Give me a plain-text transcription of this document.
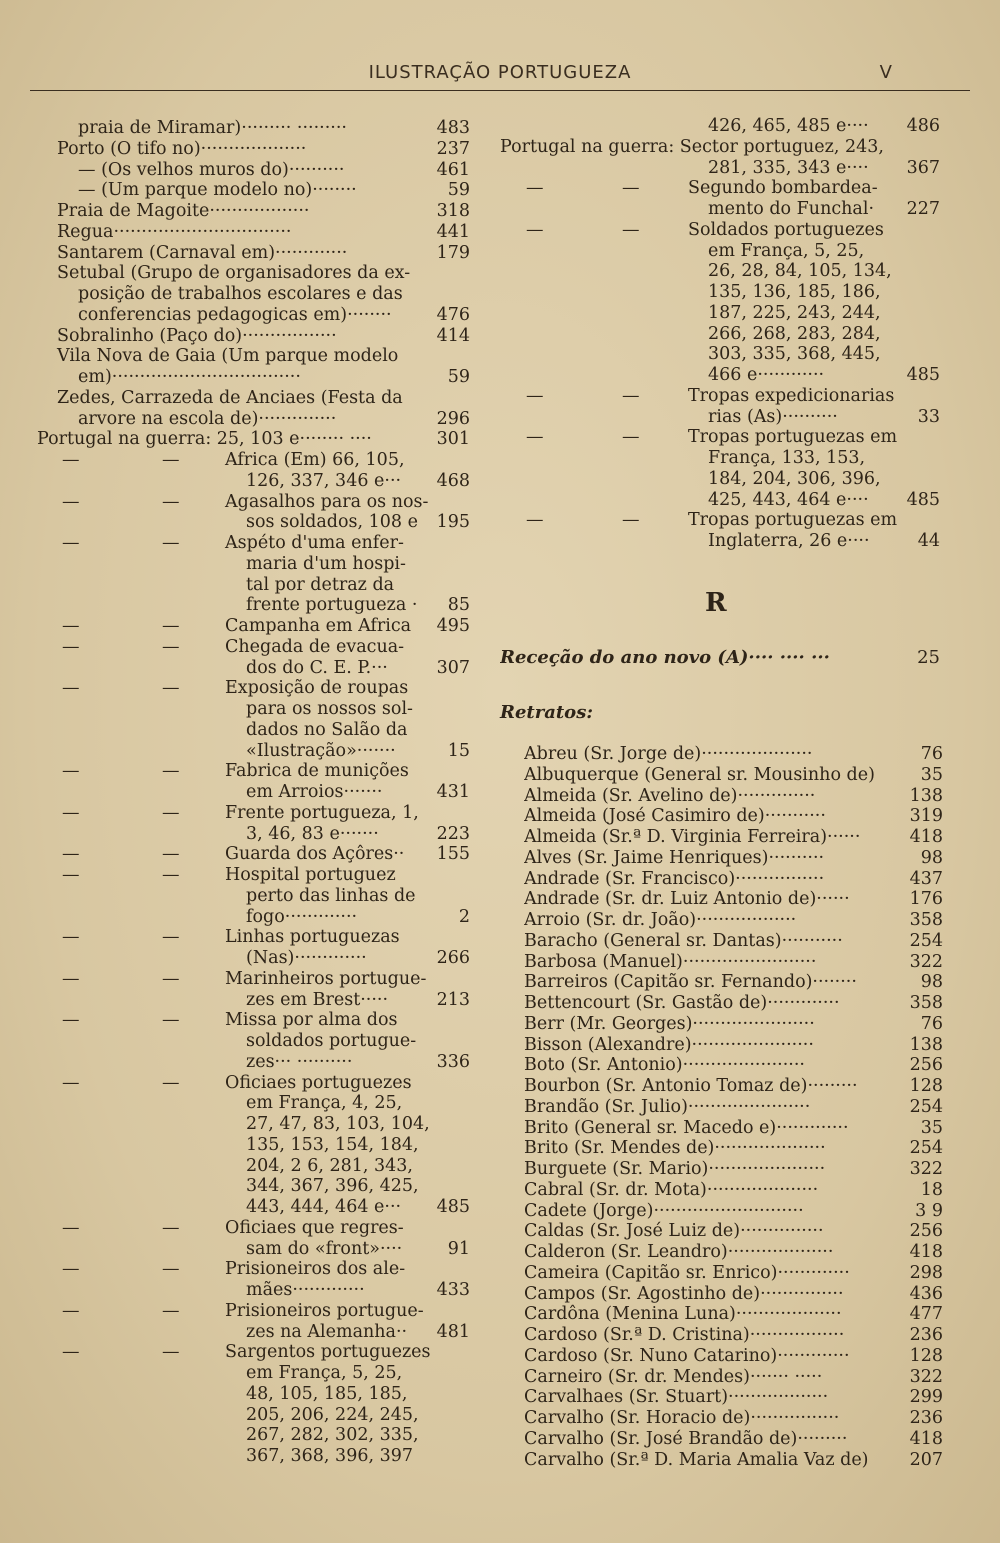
ILUSTRAÇÃO PORTUGUEZA	V
R
Receção do ano novo (A)···· ···· ···	25
Retratos:
praia de Miramar)········· ·········	483
Porto (O tifo no)···················	237
— (Os velhos muros do)··········	461
— (Um parque modelo no)········	59
Praia de Magoite··················	318
Regua································	441
Santarem (Carnaval em)·············	179
Setubal (Grupo de organisadores da ex-
posição de trabalhos escolares e das
conferencias pedagogicas em)········	476
Sobralinho (Paço do)·················	414
Vila Nova de Gaia (Um parque modelo
em)··································	59
Zedes, Carrazeda de Anciaes (Festa da
arvore na escola de)··············	296
Portugal na guerra: 25, 103 e········ ····	301
—	—	Africa (Em) 66, 105,
126, 337, 346 e··· 468
—	—	Agasalhos para os nos-
sos soldados, 108 e 195
—	—	Aspéto d'uma enfer-
maria d'um hospi-
tal por detraz da
frente portugueza · 85
—	—	Campanha em Africa 495
—	—	Chegada de evacua-
dos do C. E. P.···	307
—	—	Exposição de roupas
para os nossos sol-
dados no Salão da
«Ilustração»·······	15
—	—	Fabrica de munições
em Arroios·······	431
—	—	Frente portugueza, 1,
3, 46, 83 e·······	223
—	—	Guarda dos Açôres·· 155
—	—	Hospital portuguez
perto das linhas de
fogo·············	2
—	—	Linhas portuguezas
(Nas)·············	266
—	—	Marinheiros portugue-
zes em Brest·····	213
—	—	Missa por alma dos
soldados portugue-
zes··· ··········	336
—	—	Oficiaes portuguezes
em França, 4, 25,
27, 47, 83, 103, 104,
135, 153, 154, 184,
204, 2 6, 281, 343,
344, 367, 396, 425,
443, 444, 464 e··· 485
—	—	Oficiaes que regres-
sam do «front»····	91
—	—	Prisioneiros dos ale-
mães·············	433
—	—	Prisioneiros portugue-
zes na Alemanha·· 481
—	—	Sargentos portuguezes
em França, 5, 25,
48, 105, 185, 185,
205, 206, 224, 245,
267, 282, 302, 335,
367, 368, 396, 397
426, 465, 485 e···· 486
Portugal na guerra: Sector portuguez, 243,
281, 335, 343 e···· 367
—	—	Segundo bombardea-
mento do Funchal· 227
—	—	Soldados portuguezes
em França, 5, 25,
26, 28, 84, 105, 134,
135, 136, 185, 186,
187, 225, 243, 244,
266, 268, 283, 284,
303, 335, 368, 445,
466 e············	485
—	—	Tropas expedicionarias
rias (As)··········	33
—	—	Tropas portuguezas em
França, 133, 153,
184, 204, 306, 396,
425, 443, 464 e···· 485
—	—	Tropas portuguezas em
Inglaterra, 26 e····	44
Abreu (Sr. Jorge de)····················	76
Albuquerque (General sr. Mousinho de)	35
Almeida (Sr. Avelino de)··············	138
Almeida (José Casimiro de)···········	319
Almeida (Sr.ª D. Virginia Ferreira)······	418
Alves (Sr. Jaime Henriques)··········	98
Andrade (Sr. Francisco)················	437
Andrade (Sr. dr. Luiz Antonio de)······	176
Arroio (Sr. dr. João)··················	358
Baracho (General sr. Dantas)···········	254
Barbosa (Manuel)························	322
Barreiros (Capitão sr. Fernando)········	98
Bettencourt (Sr. Gastão de)·············	358
Berr (Mr. Georges)······················	76
Bisson (Alexandre)······················	138
Boto (Sr. Antonio)······················	256
Bourbon (Sr. Antonio Tomaz de)·········	128
Brandão (Sr. Julio)······················	254
Brito (General sr. Macedo e)·············	35
Brito (Sr. Mendes de)····················	254
Burguete (Sr. Mario)·····················	322
Cabral (Sr. dr. Mota)····················	18
Cadete (Jorge)···························	3 9
Caldas (Sr. José Luiz de)···············	256
Calderon (Sr. Leandro)···················	418
Cameira (Capitão sr. Enrico)·············	298
Campos (Sr. Agostinho de)···············	436
Cardôna (Menina Luna)···················	477
Cardoso (Sr.ª D. Cristina)·················	236
Cardoso (Sr. Nuno Catarino)·············	128
Carneiro (Sr. dr. Mendes)······· ·····	322
Carvalhaes (Sr. Stuart)··················	299
Carvalho (Sr. Horacio de)················	236
Carvalho (Sr. José Brandão de)·········	418
Carvalho (Sr.ª D. Maria Amalia Vaz de) 207
